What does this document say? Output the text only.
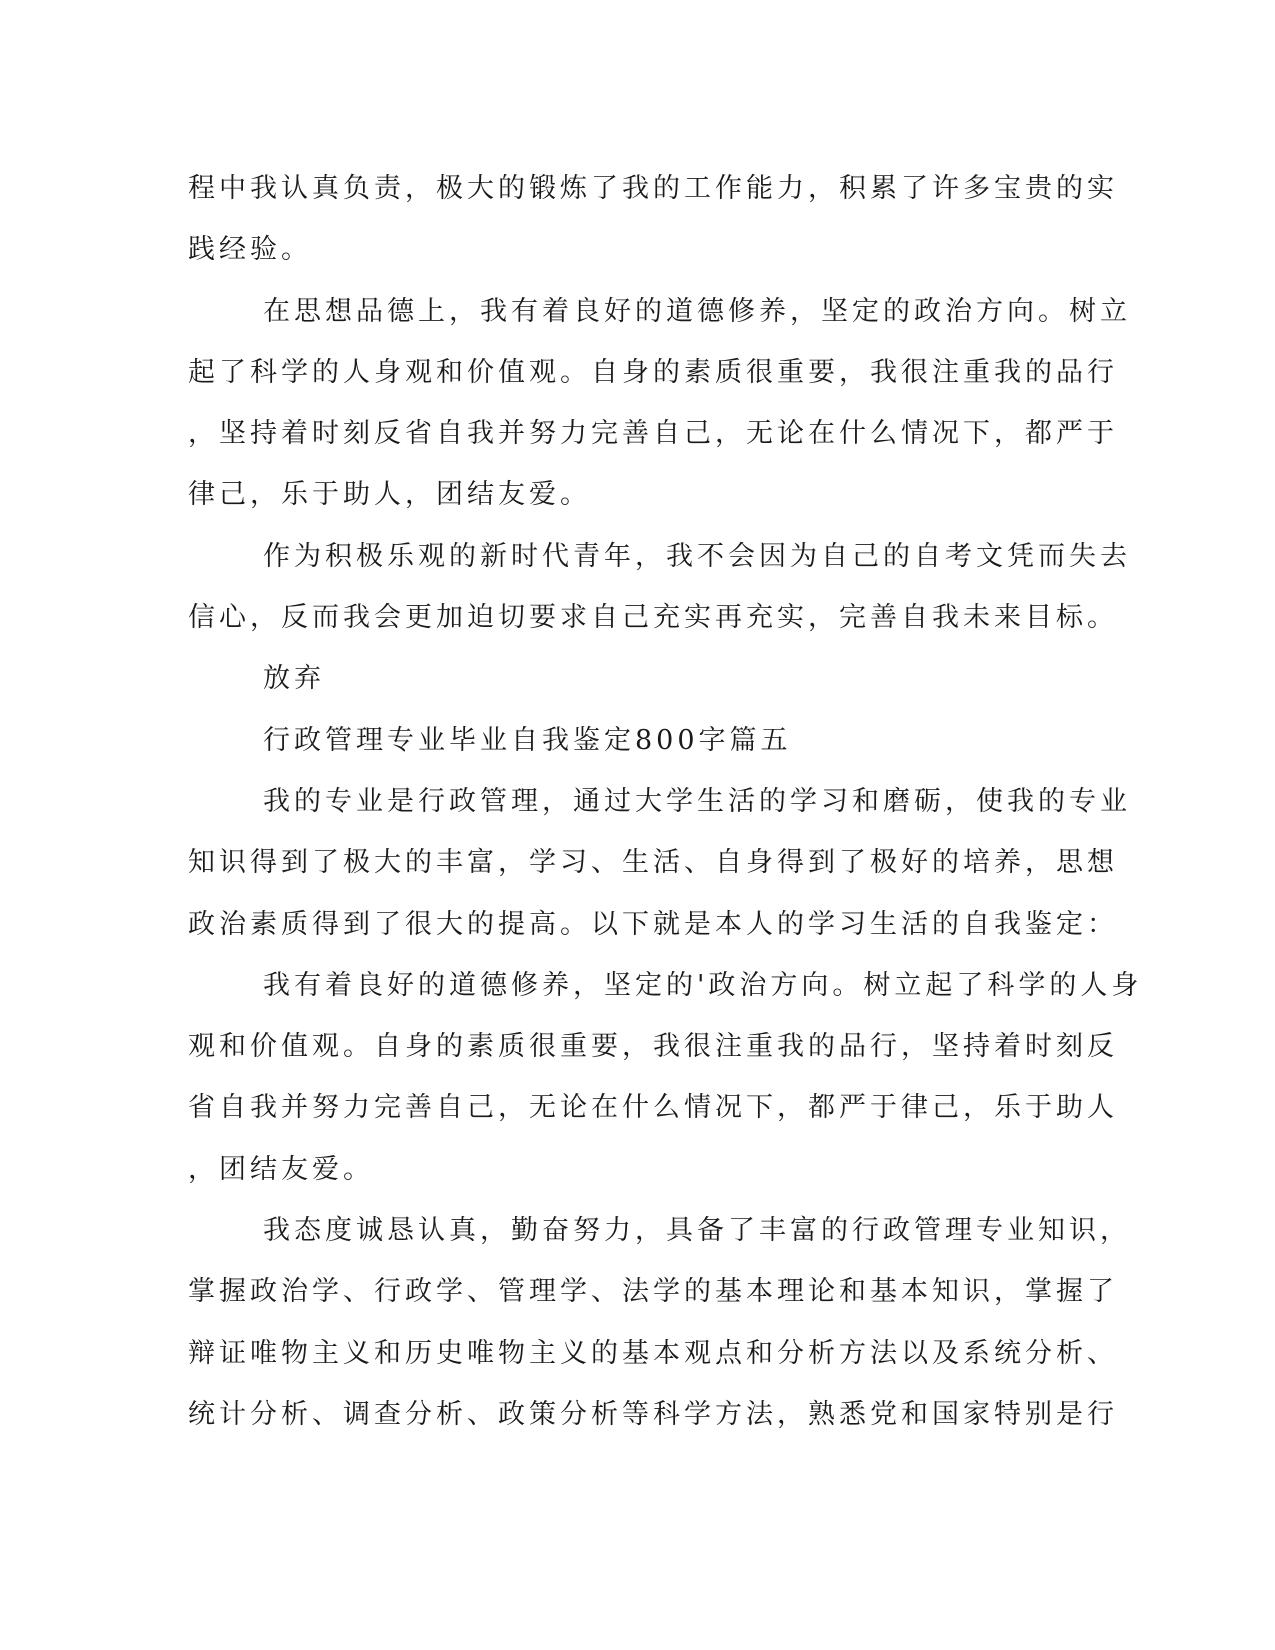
程中我认真负责，极大的锻炼了我的工作能力，积累了许多宝贵的实
践经验。
在思想品德上，我有着良好的道德修养，坚定的政治方向。树立
起了科学的人身观和价值观。自身的素质很重要，我很注重我的品行
，坚持着时刻反省自我并努力完善自己，无论在什么情况下，都严于
律己，乐于助人，团结友爱。
作为积极乐观的新时代青年，我不会因为自己的自考文凭而失去
信心，反而我会更加迫切要求自己充实再充实，完善自我未来目标。
放弃
行政管理专业毕业自我鉴定800字篇五
我的专业是行政管理，通过大学生活的学习和磨砺，使我的专业
知识得到了极大的丰富，学习、生活、自身得到了极好的培养，思想
政治素质得到了很大的提高。以下就是本人的学习生活的自我鉴定：
我有着良好的道德修养，坚定的'政治方向。树立起了科学的人身
观和价值观。自身的素质很重要，我很注重我的品行，坚持着时刻反
省自我并努力完善自己，无论在什么情况下，都严于律己，乐于助人
，团结友爱。
我态度诚恳认真，勤奋努力，具备了丰富的行政管理专业知识，
掌握政治学、行政学、管理学、法学的基本理论和基本知识，掌握了
辩证唯物主义和历史唯物主义的基本观点和分析方法以及系统分析、
统计分析、调查分析、政策分析等科学方法，熟悉党和国家特别是行
